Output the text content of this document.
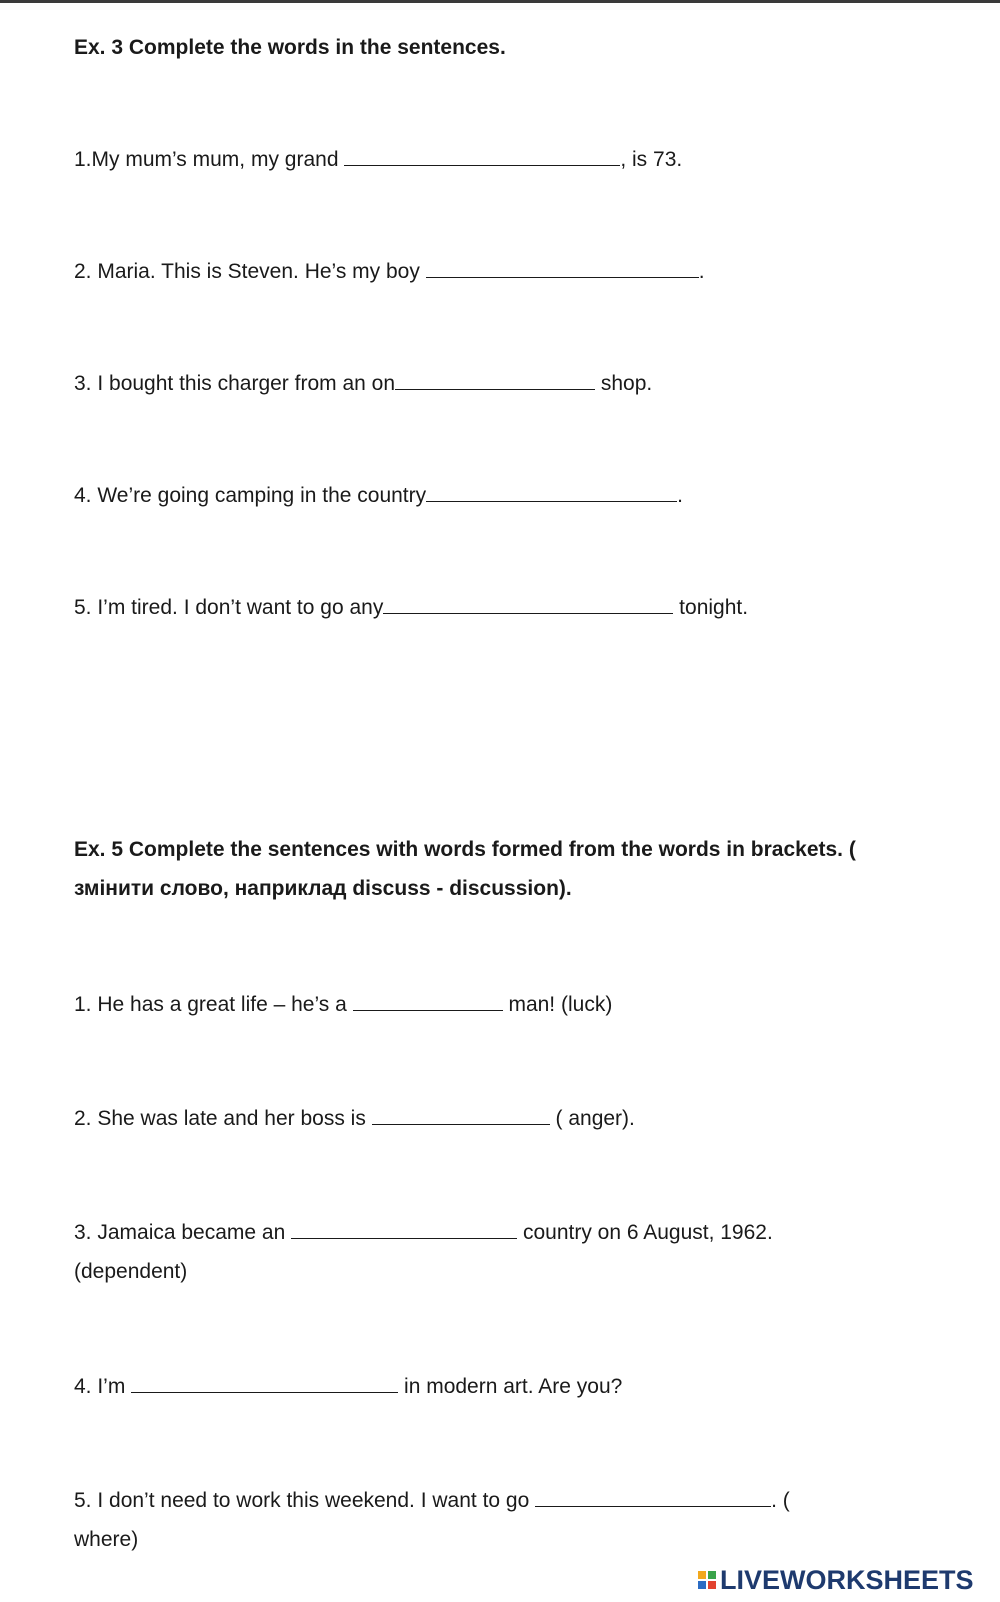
Ex. 3 Complete the words in the sentences.
1.My mum’s mum, my grand	, is 73.
2. Maria. This is Steven. He’s my boy	.
3. I bought this charger from an on	shop.
4. We’re going camping in the country	.
5. I’m tired. I don’t want to go any	tonight.
Ex. 5 Complete the sentences with words formed from the words in brackets. (
змінити слово, наприклад discuss - discussion).
1. He has a great life – he’s a	man! (luck)
2. She was late and her boss is	( anger).
3. Jamaica became an	country on 6 August, 1962.
(dependent)
4. I’m	in modern art. Are you?
5. I don’t need to work this weekend. I want to go	. (
where)
LIVEWORKSHEETS
